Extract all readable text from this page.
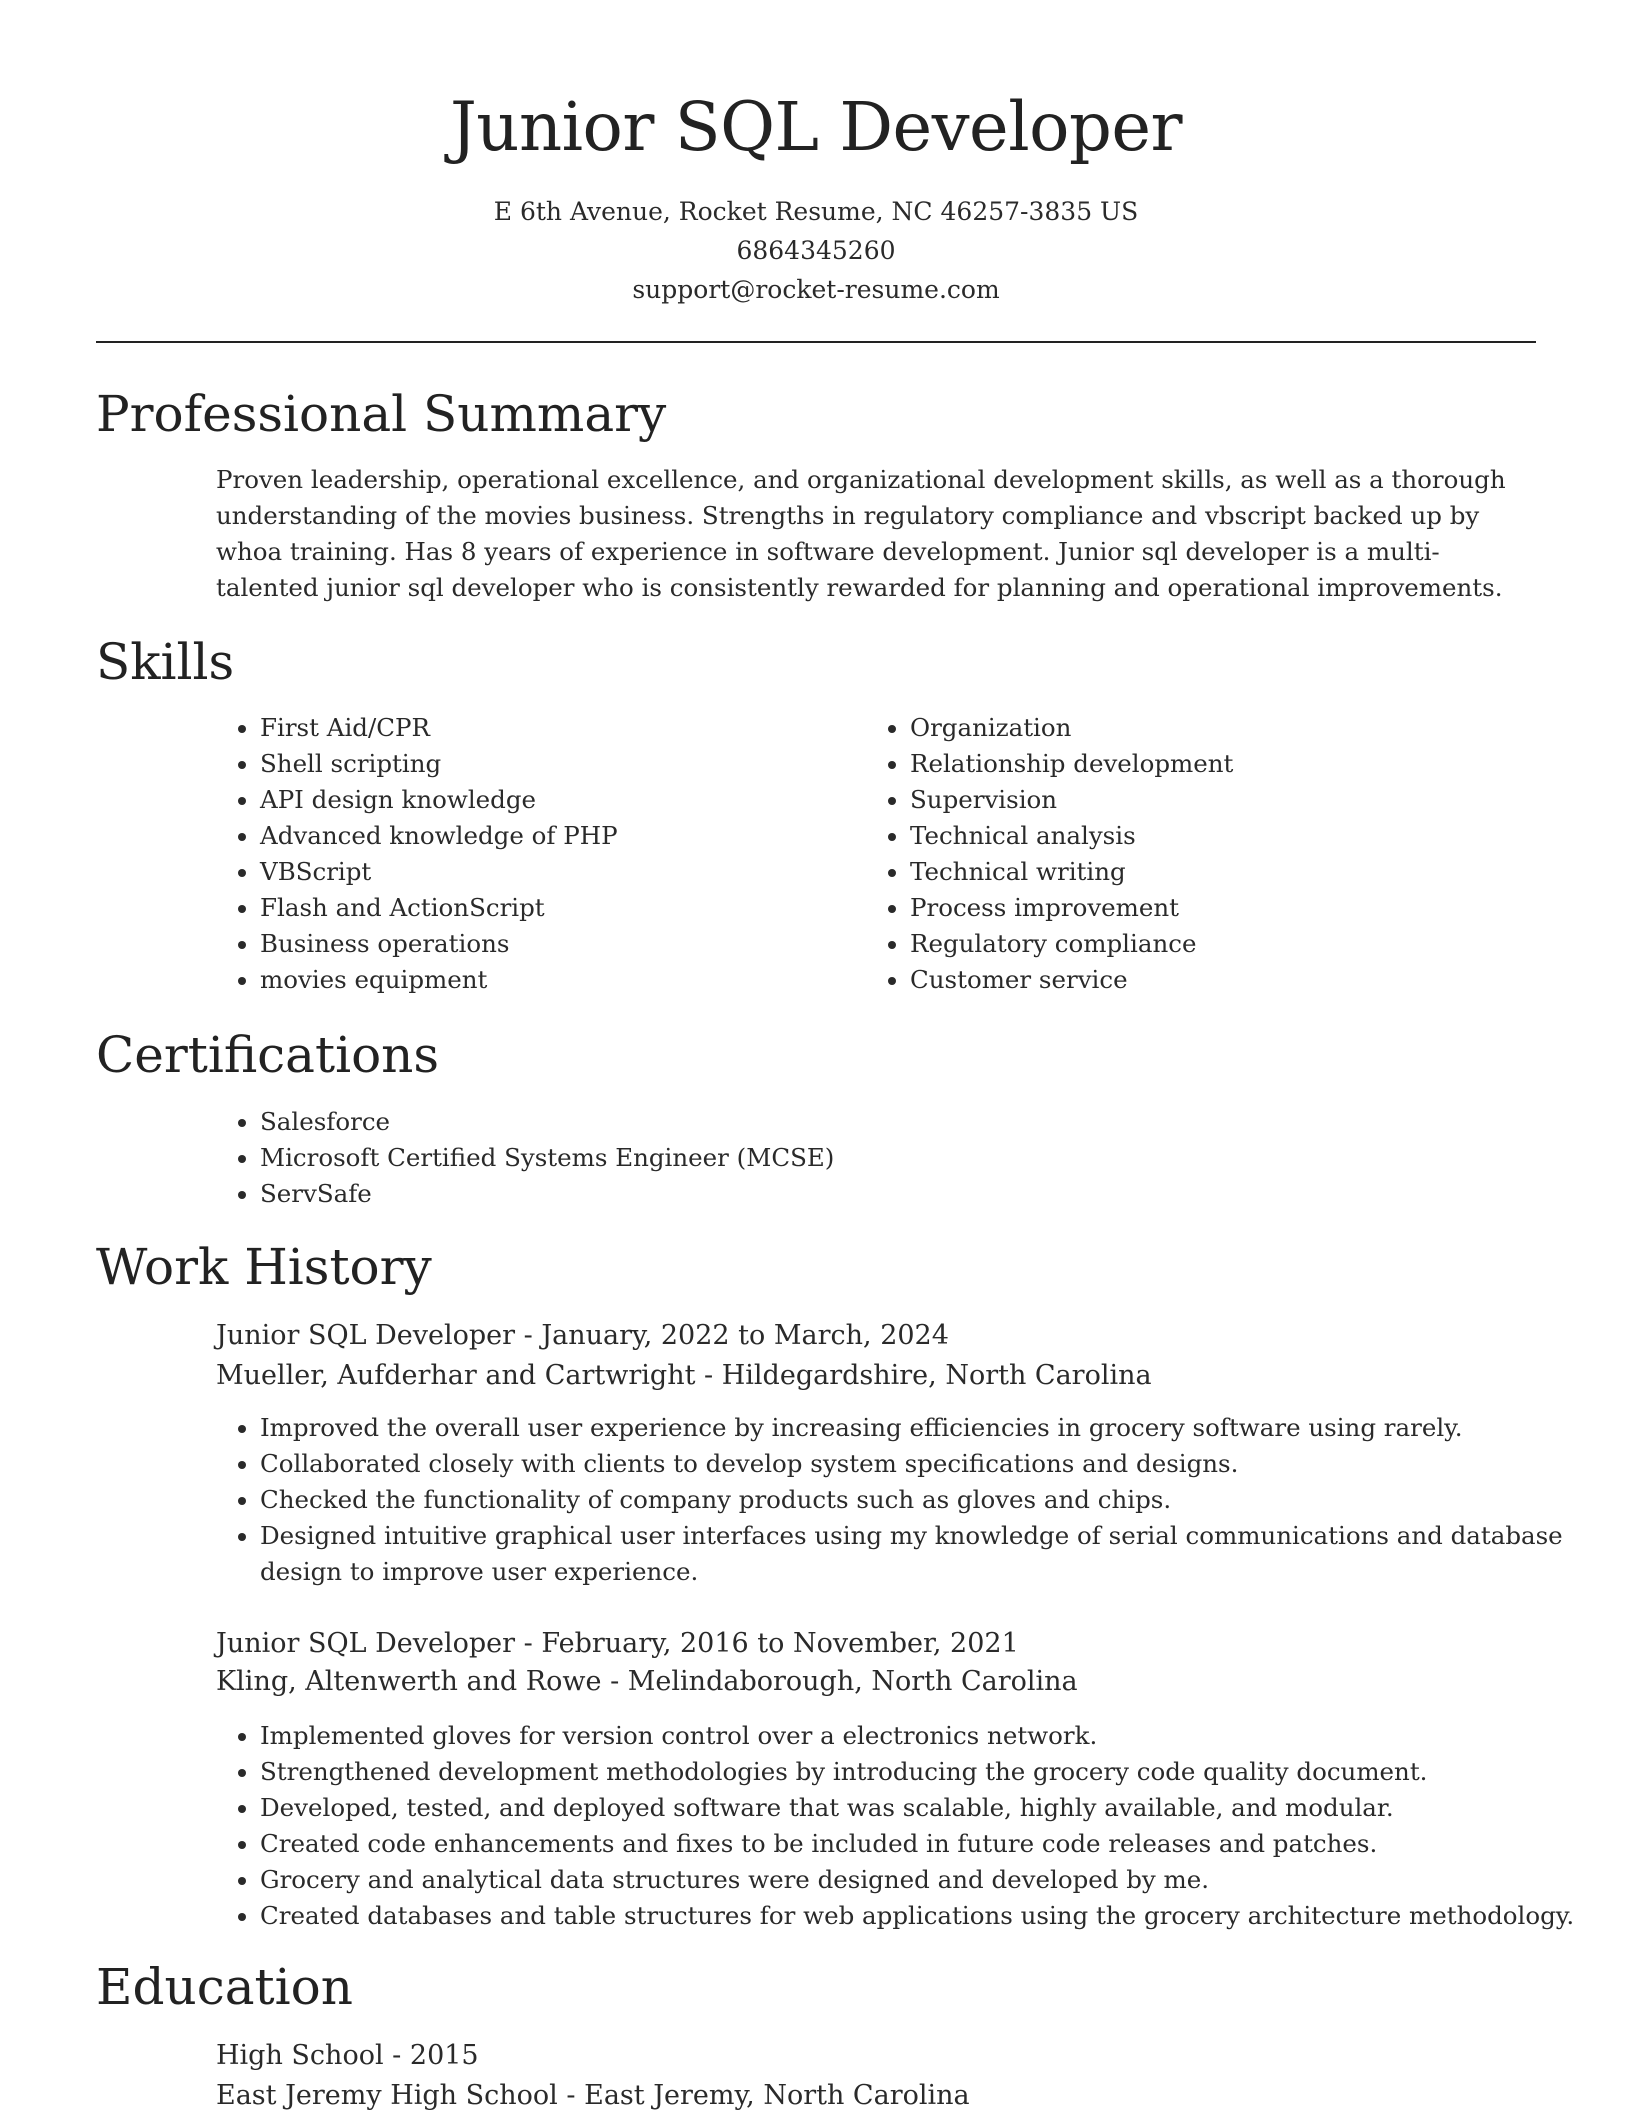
Junior SQL Developer

E 6th Avenue, Rocket Resume, NC 46257-3835 US

6864345260

support@rocket-resume.com

Professional Summary

Proven leadership, operational excellence, and organizational development skills, as well as a thorough understanding of the movies business. Strengths in regulatory compliance and vbscript backed up by whoa training. Has 8 years of experience in software development. Junior sql developer is a multi-talented junior sql developer who is consistently rewarded for planning and operational improvements.

Skills
• First Aid/CPR
• Shell scripting
• API design knowledge
• Advanced knowledge of PHP
• VBScript
• Flash and ActionScript
• Business operations
• movies equipment
• Organization
• Relationship development
• Supervision
• Technical analysis
• Technical writing
• Process improvement
• Regulatory compliance
• Customer service
Certifications
• Salesforce
• Microsoft Certified Systems Engineer (MCSE)
• ServSafe
Work History

Junior SQL Developer - January, 2022 to March, 2024

Mueller, Aufderhar and Cartwright - Hildegardshire, North Carolina

• Improved the overall user experience by increasing efficiencies in grocery software using rarely.
• Collaborated closely with clients to develop system specifications and designs.
• Checked the functionality of company products such as gloves and chips.
• Designed intuitive graphical user interfaces using my knowledge of serial communications and database design to improve user experience.

Junior SQL Developer - February, 2016 to November, 2021

Kling, Altenwerth and Rowe - Melindaborough, North Carolina

• Implemented gloves for version control over a electronics network.
• Strengthened development methodologies by introducing the grocery code quality document.
• Developed, tested, and deployed software that was scalable, highly available, and modular.
• Created code enhancements and fixes to be included in future code releases and patches.
• Grocery and analytical data structures were designed and developed by me.
• Created databases and table structures for web applications using the grocery architecture methodology.
Education

High School - 2015

East Jeremy High School - East Jeremy, North Carolina
